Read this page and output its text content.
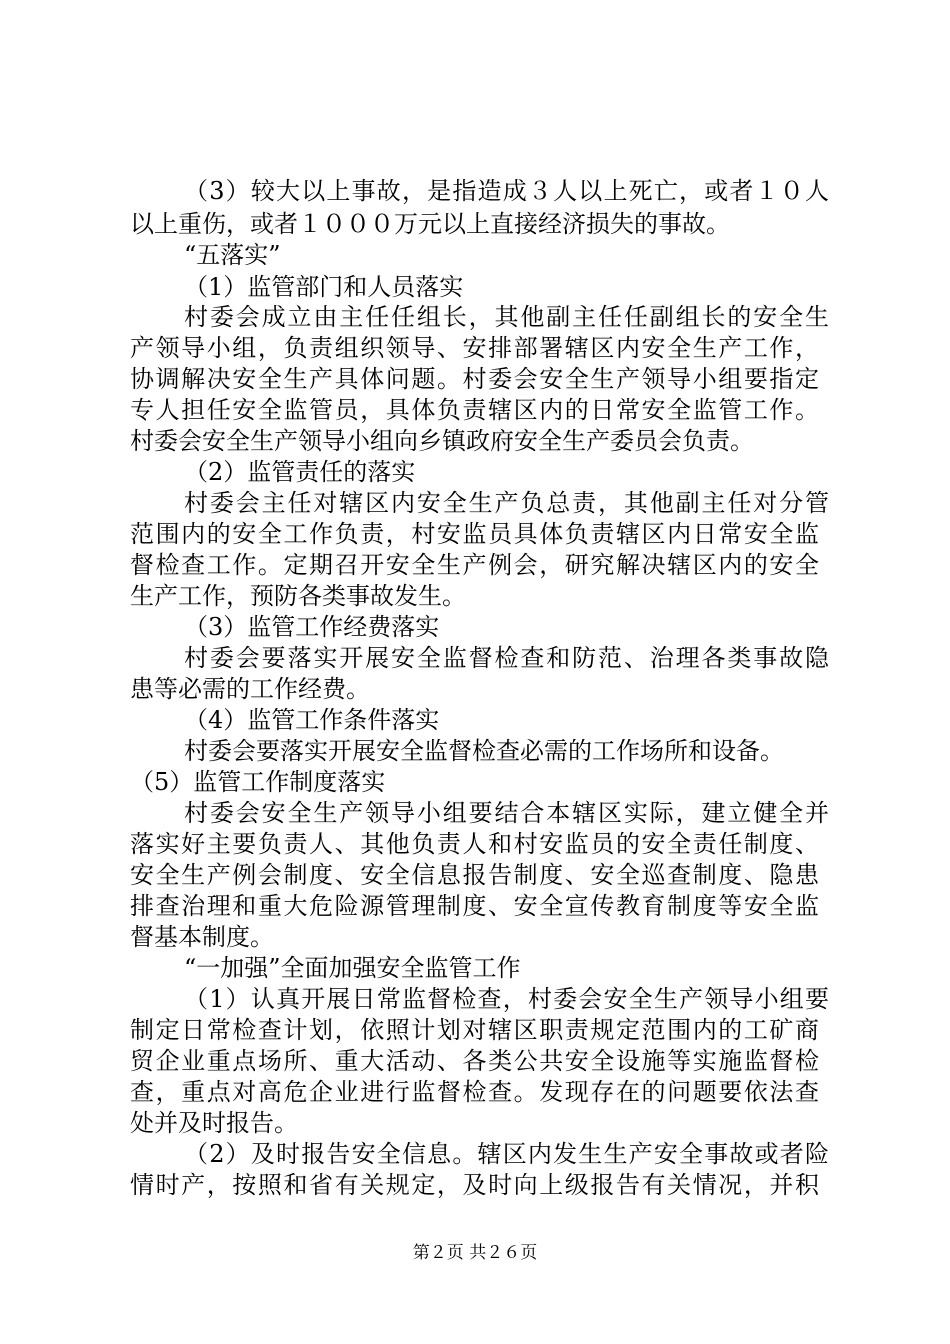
（3）较大以上事故，是指造成３人以上死亡，或者１０人
以上重伤，或者１０００万元以上直接经济损失的事故。
“五落实”
（1）监管部门和人员落实
村委会成立由主任任组长，其他副主任任副组长的安全生
产领导小组，负责组织领导、安排部署辖区内安全生产工作，
协调解决安全生产具体问题。村委会安全生产领导小组要指定
专人担任安全监管员，具体负责辖区内的日常安全监管工作。
村委会安全生产领导小组向乡镇政府安全生产委员会负责。
（2）监管责任的落实
村委会主任对辖区内安全生产负总责，其他副主任对分管
范围内的安全工作负责，村安监员具体负责辖区内日常安全监
督检查工作。定期召开安全生产例会，研究解决辖区内的安全
生产工作，预防各类事故发生。
（3）监管工作经费落实
村委会要落实开展安全监督检查和防范、治理各类事故隐
患等必需的工作经费。
（4）监管工作条件落实
村委会要落实开展安全监督检查必需的工作场所和设备。
（5）监管工作制度落实
村委会安全生产领导小组要结合本辖区实际，建立健全并
落实好主要负责人、其他负责人和村安监员的安全责任制度、
安全生产例会制度、安全信息报告制度、安全巡查制度、隐患
排查治理和重大危险源管理制度、安全宣传教育制度等安全监
督基本制度。
“一加强”全面加强安全监管工作
（1）认真开展日常监督检查，村委会安全生产领导小组要
制定日常检查计划，依照计划对辖区职责规定范围内的工矿商
贸企业重点场所、重大活动、各类公共安全设施等实施监督检
查，重点对高危企业进行监督检查。发现存在的问题要依法查
处并及时报告。
（2）及时报告安全信息。辖区内发生生产安全事故或者险
情时产，按照和省有关规定，及时向上级报告有关情况，并积
第２页 共２６页
